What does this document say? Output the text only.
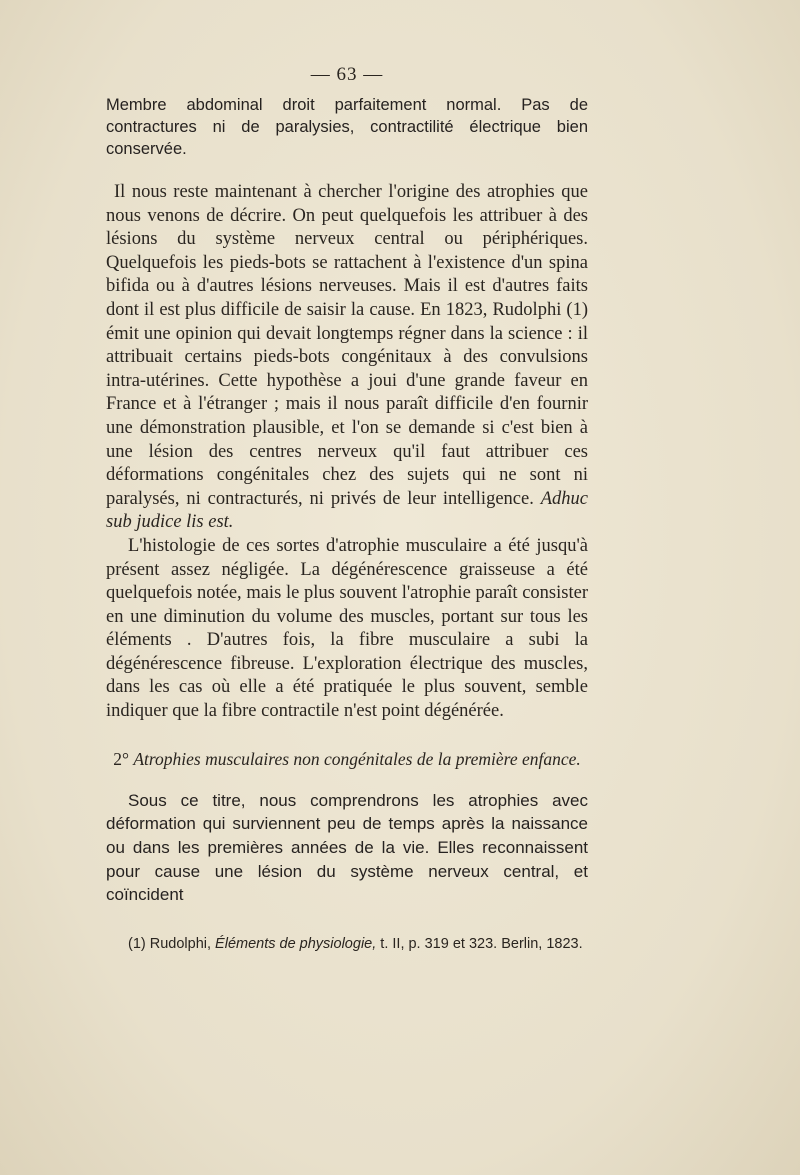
— 63 —

Membre abdominal droit parfaitement normal. Pas de contractures ni de paralysies, contractilité électrique bien conservée.

Il nous reste maintenant à chercher l'origine des atrophies que nous venons de décrire. On peut quelquefois les attribuer à des lésions du système nerveux central ou périphériques. Quelquefois les pieds-bots se rattachent à l'existence d'un spina bifida ou à d'autres lésions nerveuses. Mais il est d'autres faits dont il est plus difficile de saisir la cause. En 1823, Rudolphi (1) émit une opinion qui devait longtemps régner dans la science : il attribuait certains pieds-bots congénitaux à des convulsions intra-utérines. Cette hypothèse a joui d'une grande faveur en France et à l'étranger ; mais il nous paraît difficile d'en fournir une démonstration plausible, et l'on se demande si c'est bien à une lésion des centres nerveux qu'il faut attribuer ces déformations congénitales chez des sujets qui ne sont ni paralysés, ni contracturés, ni privés de leur intelligence. Adhuc sub judice lis est.

L'histologie de ces sortes d'atrophie musculaire a été jusqu'à présent assez négligée. La dégénérescence graisseuse a été quelquefois notée, mais le plus souvent l'atrophie paraît consister en une diminution du volume des muscles, portant sur tous les éléments . D'autres fois, la fibre musculaire a subi la dégénérescence fibreuse. L'exploration électrique des muscles, dans les cas où elle a été pratiquée le plus souvent, semble indiquer que la fibre contractile n'est point dégénérée.

2° Atrophies musculaires non congénitales de la première enfance.

Sous ce titre, nous comprendrons les atrophies avec déformation qui surviennent peu de temps après la naissance ou dans les premières années de la vie. Elles reconnaissent pour cause une lésion du système nerveux central, et coïncident

(1) Rudolphi, Éléments de physiologie, t. II, p. 319 et 323. Berlin, 1823.
